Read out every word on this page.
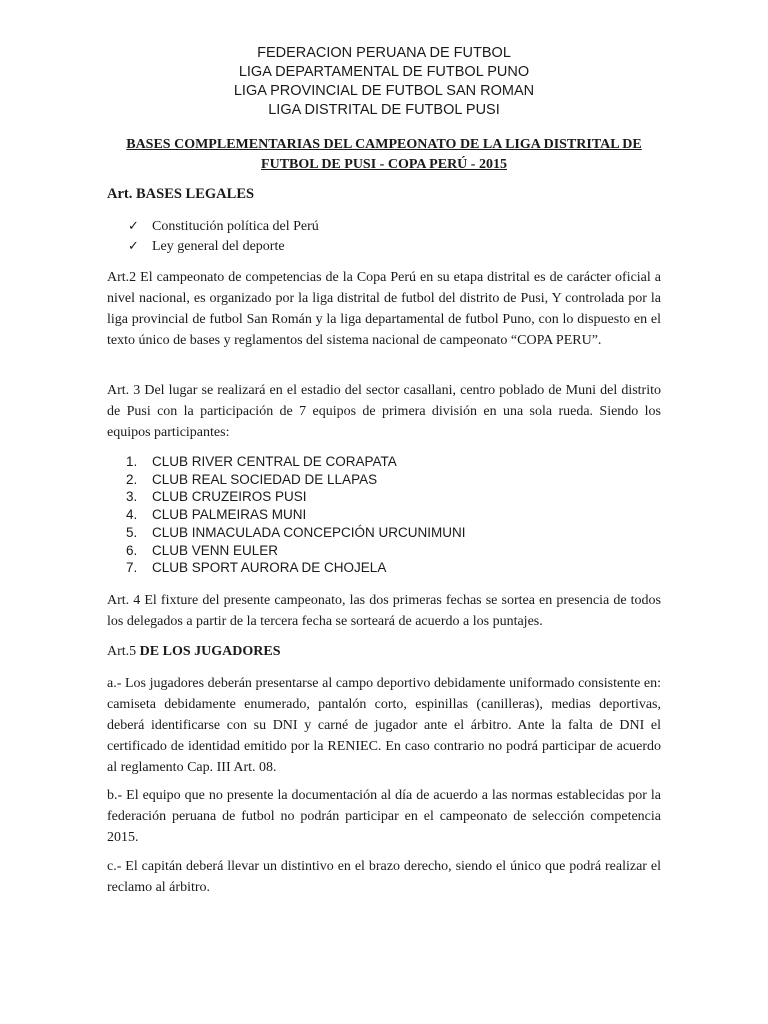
FEDERACION PERUANA DE FUTBOL
LIGA DEPARTAMENTAL DE FUTBOL PUNO
LIGA PROVINCIAL DE FUTBOL SAN ROMAN
LIGA DISTRITAL DE FUTBOL PUSI
BASES COMPLEMENTARIAS DEL CAMPEONATO DE LA LIGA DISTRITAL DE
FUTBOL DE PUSI - COPA PERÚ - 2015
Art. BASES LEGALES
✓ Constitución política del Perú
✓ Ley general del deporte
Art.2 El campeonato de competencias de la Copa Perú en su etapa distrital es de carácter oficial a nivel nacional, es organizado por la liga distrital de futbol del distrito de Pusi, Y controlada por la liga provincial de futbol San Román y la liga departamental de futbol Puno, con lo dispuesto en el texto único de bases y reglamentos del sistema nacional de campeonato “COPA PERU”.
Art. 3 Del lugar se realizará en el estadio del sector casallani, centro poblado de Muni del distrito de Pusi con la participación de 7 equipos de primera división en una sola rueda. Siendo los equipos participantes:
1.	CLUB RIVER CENTRAL DE CORAPATA
2.	CLUB REAL SOCIEDAD DE LLAPAS
3.	CLUB CRUZEIROS PUSI
4.	CLUB PALMEIRAS MUNI
5.	CLUB INMACULADA CONCEPCIÓN URCUNIMUNI
6.	CLUB VENN EULER
7.	CLUB SPORT AURORA DE CHOJELA
Art. 4 El fixture del presente campeonato, las dos primeras fechas se sortea en presencia de todos los delegados a partir de la tercera fecha se sorteará de acuerdo a los puntajes.
Art.5 DE LOS JUGADORES
a.- Los jugadores deberán presentarse al campo deportivo debidamente uniformado consistente en: camiseta debidamente enumerado, pantalón corto, espinillas (canilleras), medias deportivas, deberá identificarse con su DNI y carné de jugador ante el árbitro. Ante la falta de DNI el certificado de identidad emitido por la RENIEC. En caso contrario no podrá participar de acuerdo al reglamento Cap. III Art. 08.
b.- El equipo que no presente la documentación al día de acuerdo a las normas establecidas por la federación peruana de futbol no podrán participar en el campeonato de selección competencia 2015.
c.- El capitán deberá llevar un distintivo en el brazo derecho, siendo el único que podrá realizar el reclamo al árbitro.
